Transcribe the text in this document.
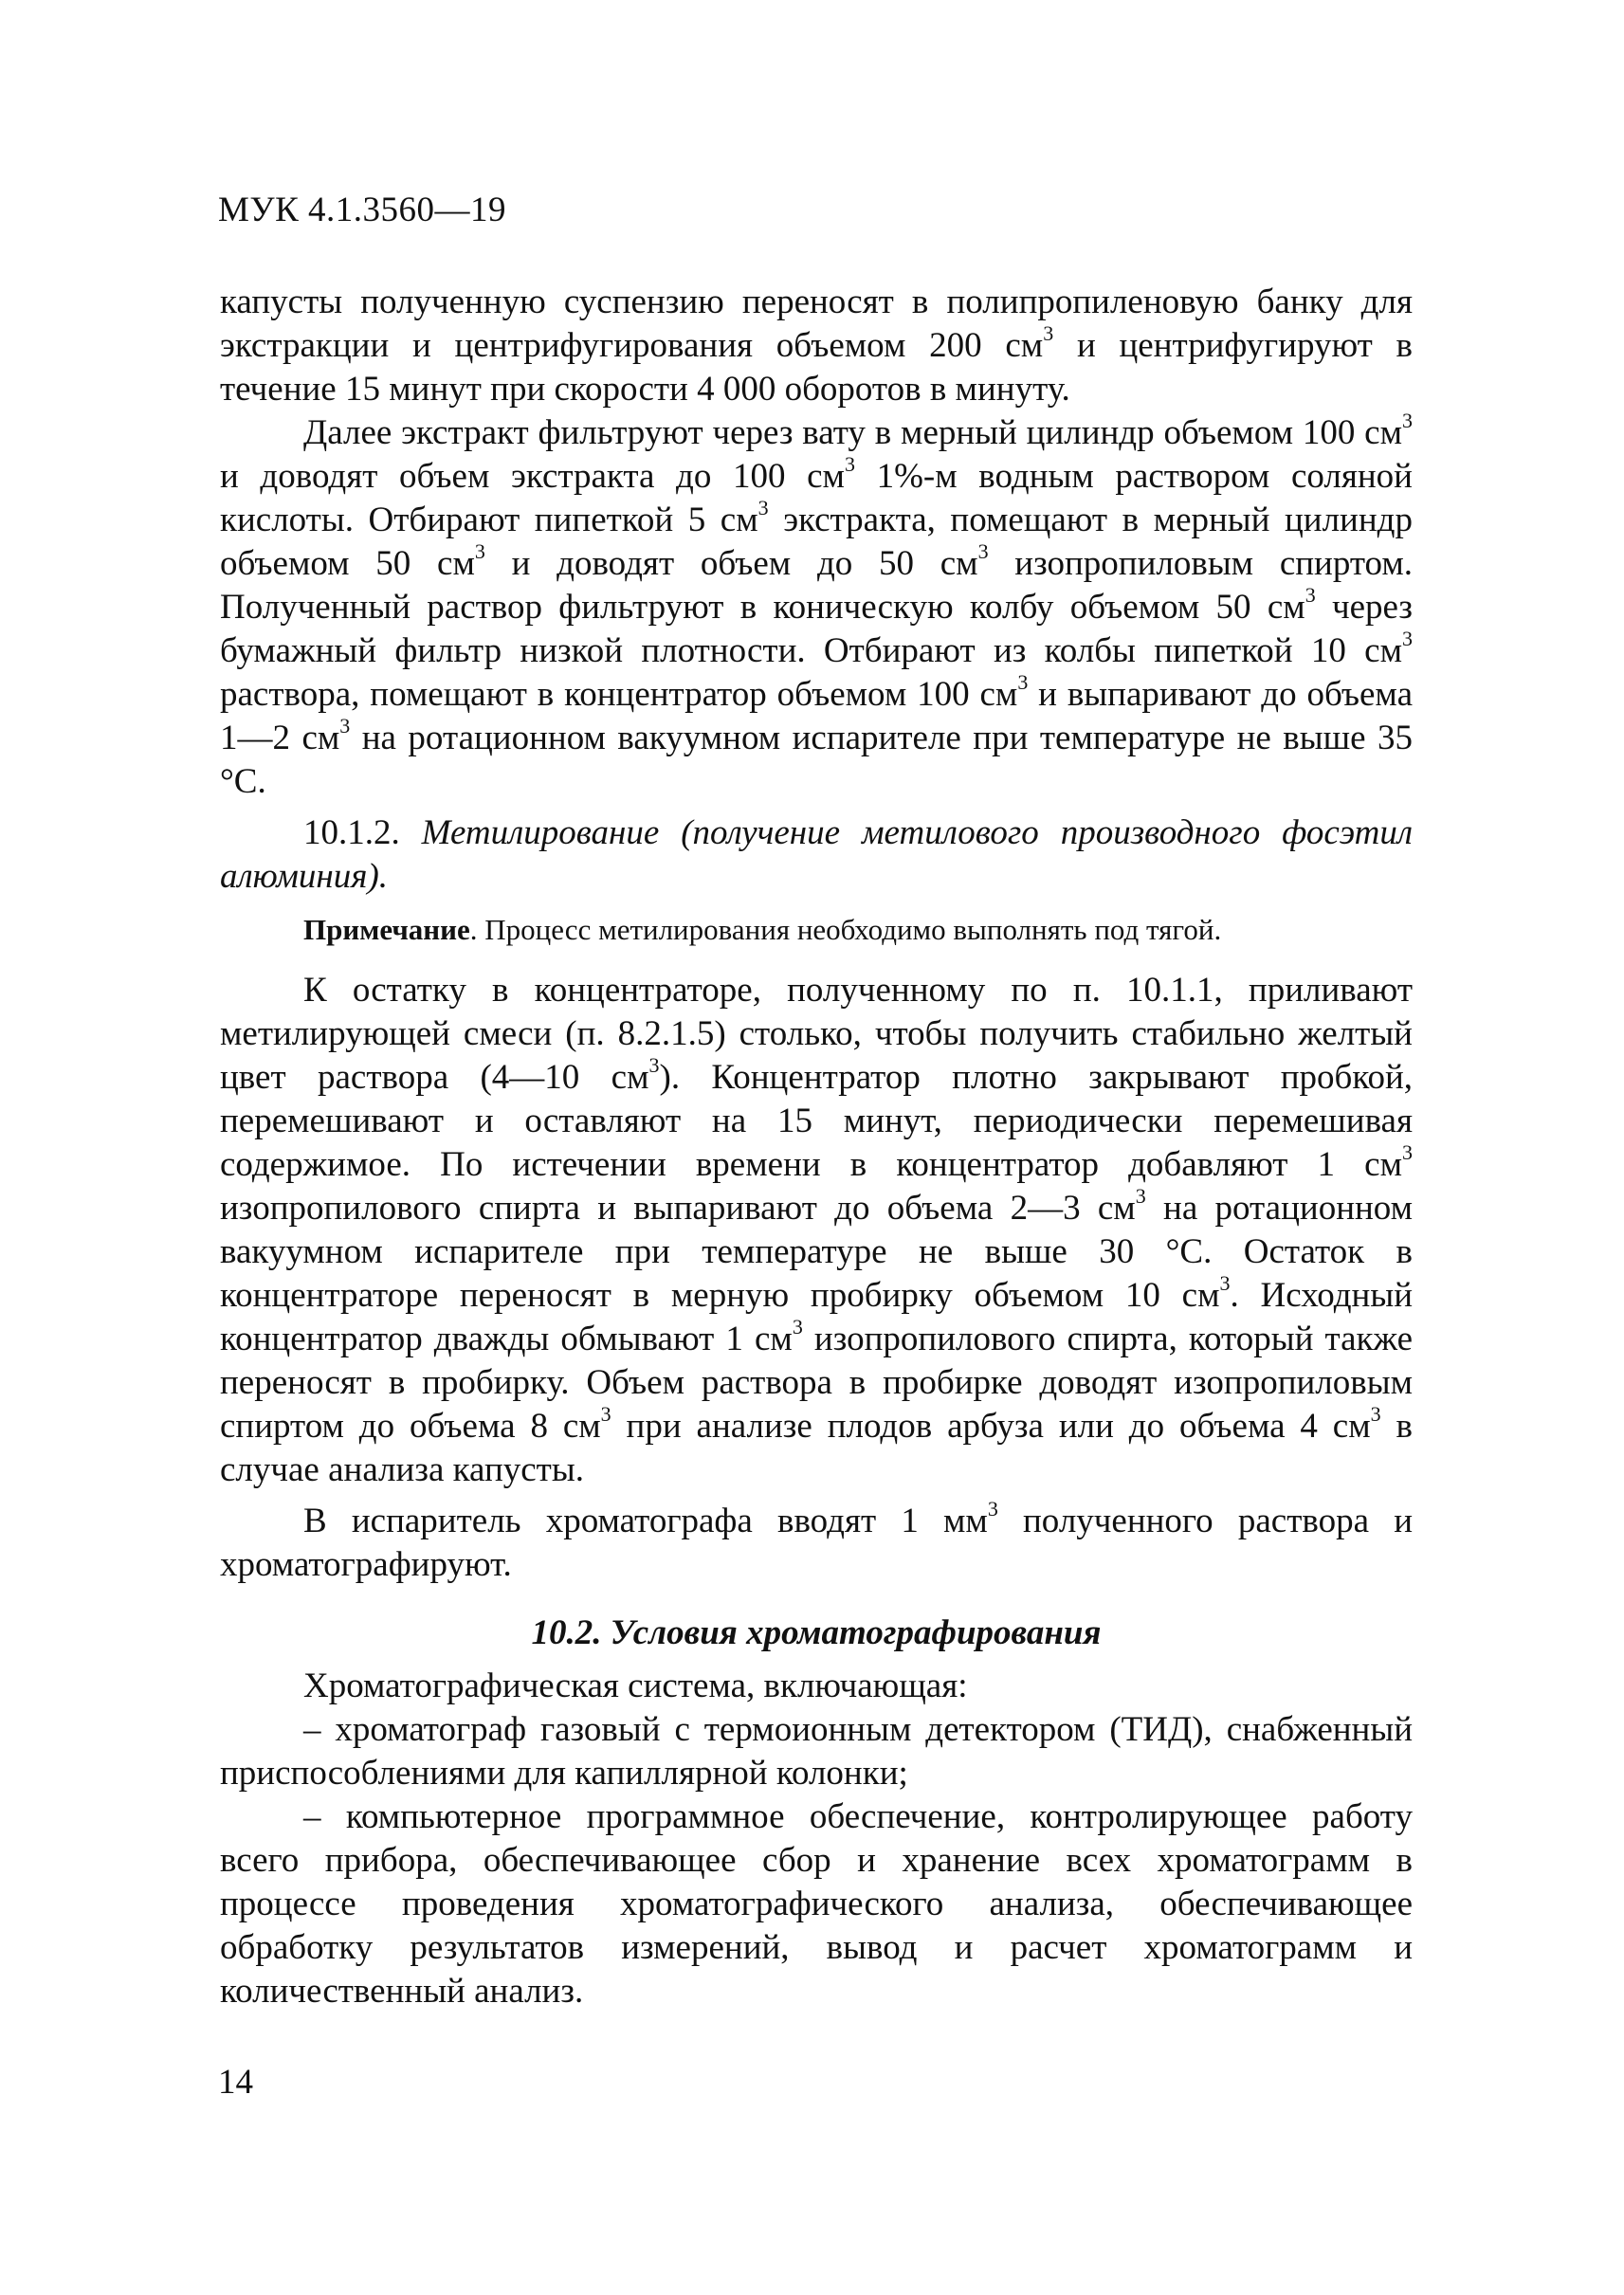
МУК 4.1.3560—19

капусты полученную суспензию переносят в полипропиленовую банку для экстракции и центрифугирования объемом 200 $см^3$ и центрифугируют в течение 15 минут при скорости 4 000 оборотов в минуту.

Далее экстракт фильтруют через вату в мерный цилиндр объемом 100 $см^3$ и доводят объем экстракта до 100 $см^3$ 1%-м водным раствором соляной кислоты. Отбирают пипеткой 5 $см^3$ экстракта, помещают в мерный цилиндр объемом 50 $см^3$ и доводят объем до 50 $см^3$ изопропиловым спиртом. Полученный раствор фильтруют в коническую колбу объемом 50 $см^3$ через бумажный фильтр низкой плотности. Отбирают из колбы пипеткой 10 $см^3$ раствора, помещают в концентратор объемом 100 $см^3$ и выпаривают до объема 1—2 $см^3$ на ротационном вакуумном испарителе при температуре не выше 35 °С.

10.1.2. Метилирование (получение метилового производного фосэтил алюминия).

Примечание. Процесс метилирования необходимо выполнять под тягой.

К остатку в концентраторе, полученному по п. 10.1.1, приливают метилирующей смеси (п. 8.2.1.5) столько, чтобы получить стабильно желтый цвет раствора (4—10 $см^3$). Концентратор плотно закрывают пробкой, перемешивают и оставляют на 15 минут, периодически перемешивая содержимое. По истечении времени в концентратор добавляют 1 $см^3$ изопропилового спирта и выпаривают до объема 2—3 $см^3$ на ротационном вакуумном испарителе при температуре не выше 30 °С. Остаток в концентраторе переносят в мерную пробирку объемом 10 $см^3$. Исходный концентратор дважды обмывают 1 $см^3$ изопропилового спирта, который также переносят в пробирку. Объем раствора в пробирке доводят изопропиловым спиртом до объема 8 $см^3$ при анализе плодов арбуза или до объема 4 $см^3$ в случае анализа капусты.

В испаритель хроматографа вводят 1 $мм^3$ полученного раствора и хроматографируют.

10.2. Условия хроматографирования

Хроматографическая система, включающая:

– хроматограф газовый с термоионным детектором (ТИД), снабженный приспособлениями для капиллярной колонки;

– компьютерное программное обеспечение, контролирующее работу всего прибора, обеспечивающее сбор и хранение всех хроматограмм в процессе проведения хроматографического анализа, обеспечивающее обработку результатов измерений, вывод и расчет хроматограмм и количественный анализ.

14
